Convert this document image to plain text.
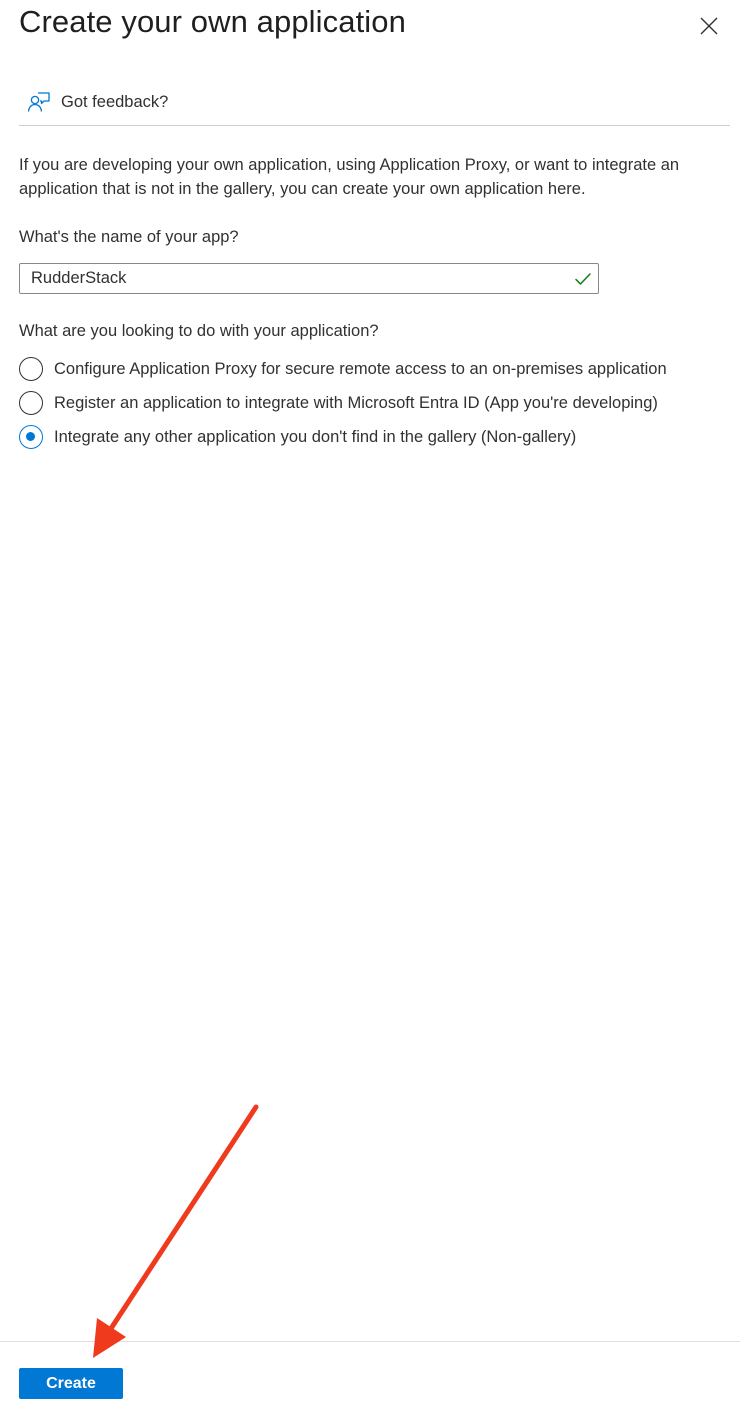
Create your own application
Got feedback?

If you are developing your own application, using Application Proxy, or want to integrate an application that is not in the gallery, you can create your own application here.

What's the name of your app?
RudderStack
What are you looking to do with your application?
Configure Application Proxy for secure remote access to an on-premises application
Register an application to integrate with Microsoft Entra ID (App you're developing)
Integrate any other application you don't find in the gallery (Non-gallery)
Create
